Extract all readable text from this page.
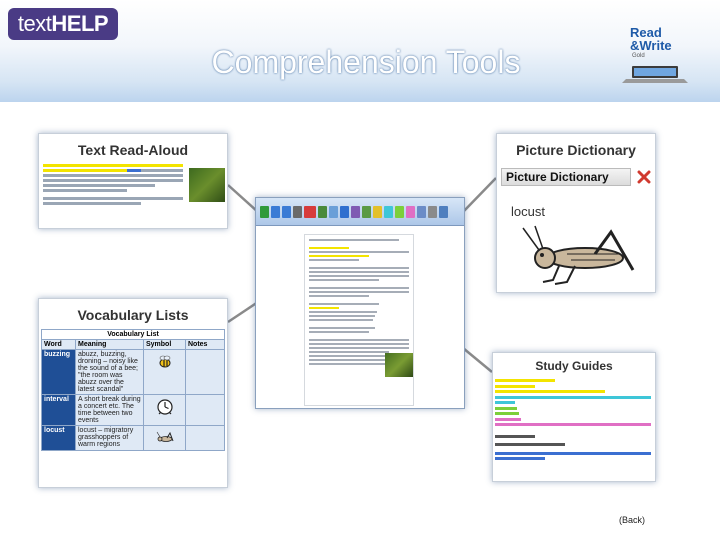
text HELP
Comprehension Tools
Read
&Write
Gold
Text Read-Aloud	Picture Dictionary
Picture Dictionary
locust
Vocabulary Lists
Vocabulary List			
Word	Meaning	Symbol	Notes
buzzing	abuzz, buzzing, droning – noisy like the sound of a bee; "the room was abuzz over the latest scandal"	

interval	A short break during a concert etc. The time between two events	

locust	locust – migratory grasshoppers of warm regions	

Study Guides
(Back)
